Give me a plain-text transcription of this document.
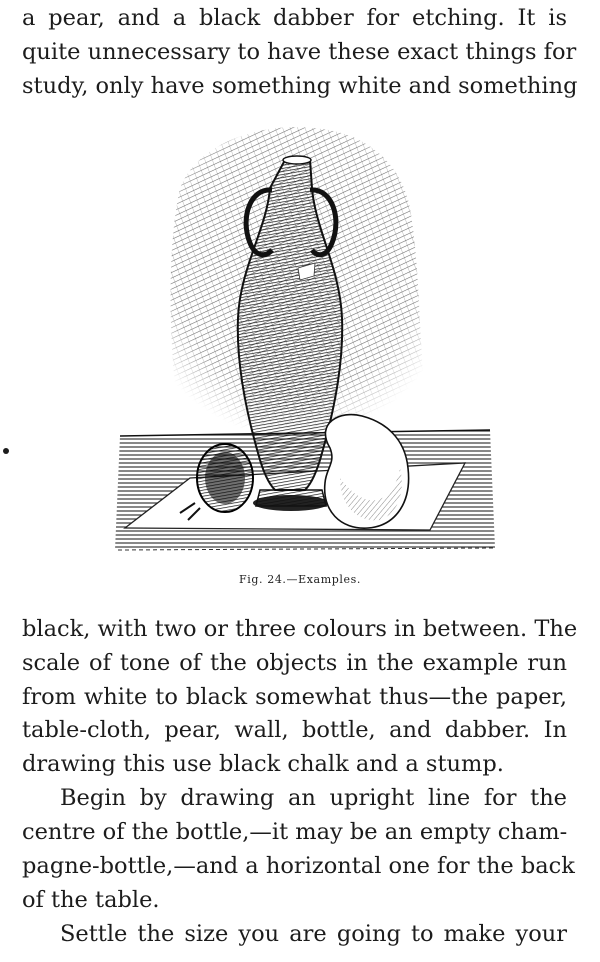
a pear, and a black dabber for etching. It is
quite unnecessary to have these exact things for
study, only have something white and something
Fig. 24.—Examples.
black, with two or three colours in between. The
scale of tone of the objects in the example run
from white to black somewhat thus—the paper,
table-cloth, pear, wall, bottle, and dabber. In
drawing this use black chalk and a stump.
Begin by drawing an upright line for the
centre of the bottle,—it may be an empty cham-
pagne-bottle,—and a horizontal one for the back
of the table.
Settle the size you are going to make your
